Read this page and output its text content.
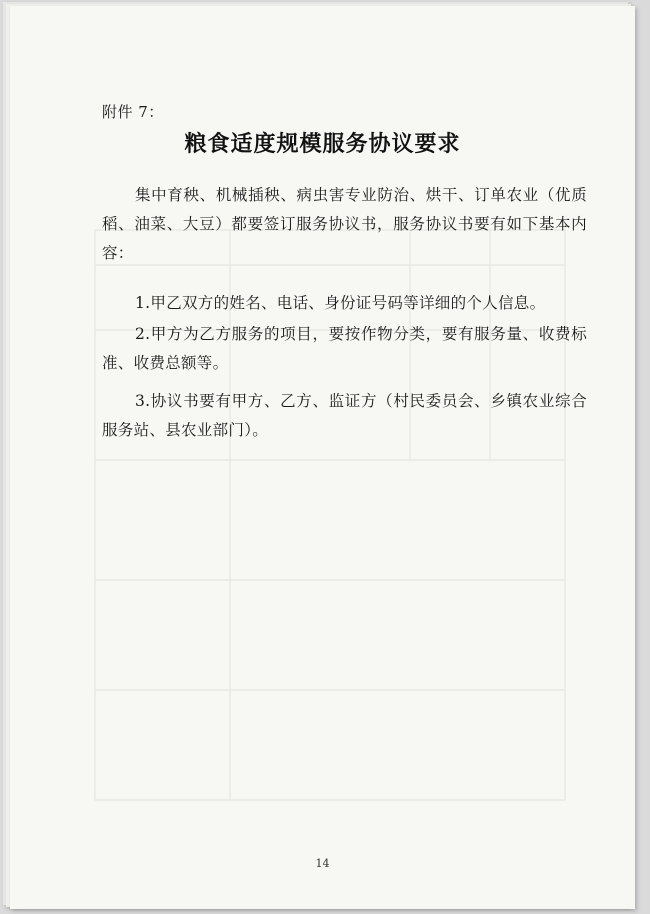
附件 7：
粮食适度规模服务协议要求
集中育秧、机械插秧、病虫害专业防治、烘干、订单农业（优质稻、油菜、大豆）都要签订服务协议书，服务协议书要有如下基本内容：
1.甲乙双方的姓名、电话、身份证号码等详细的个人信息。
2.甲方为乙方服务的项目，要按作物分类，要有服务量、收费标准、收费总额等。
3.协议书要有甲方、乙方、监证方（村民委员会、乡镇农业综合服务站、县农业部门）。
14
